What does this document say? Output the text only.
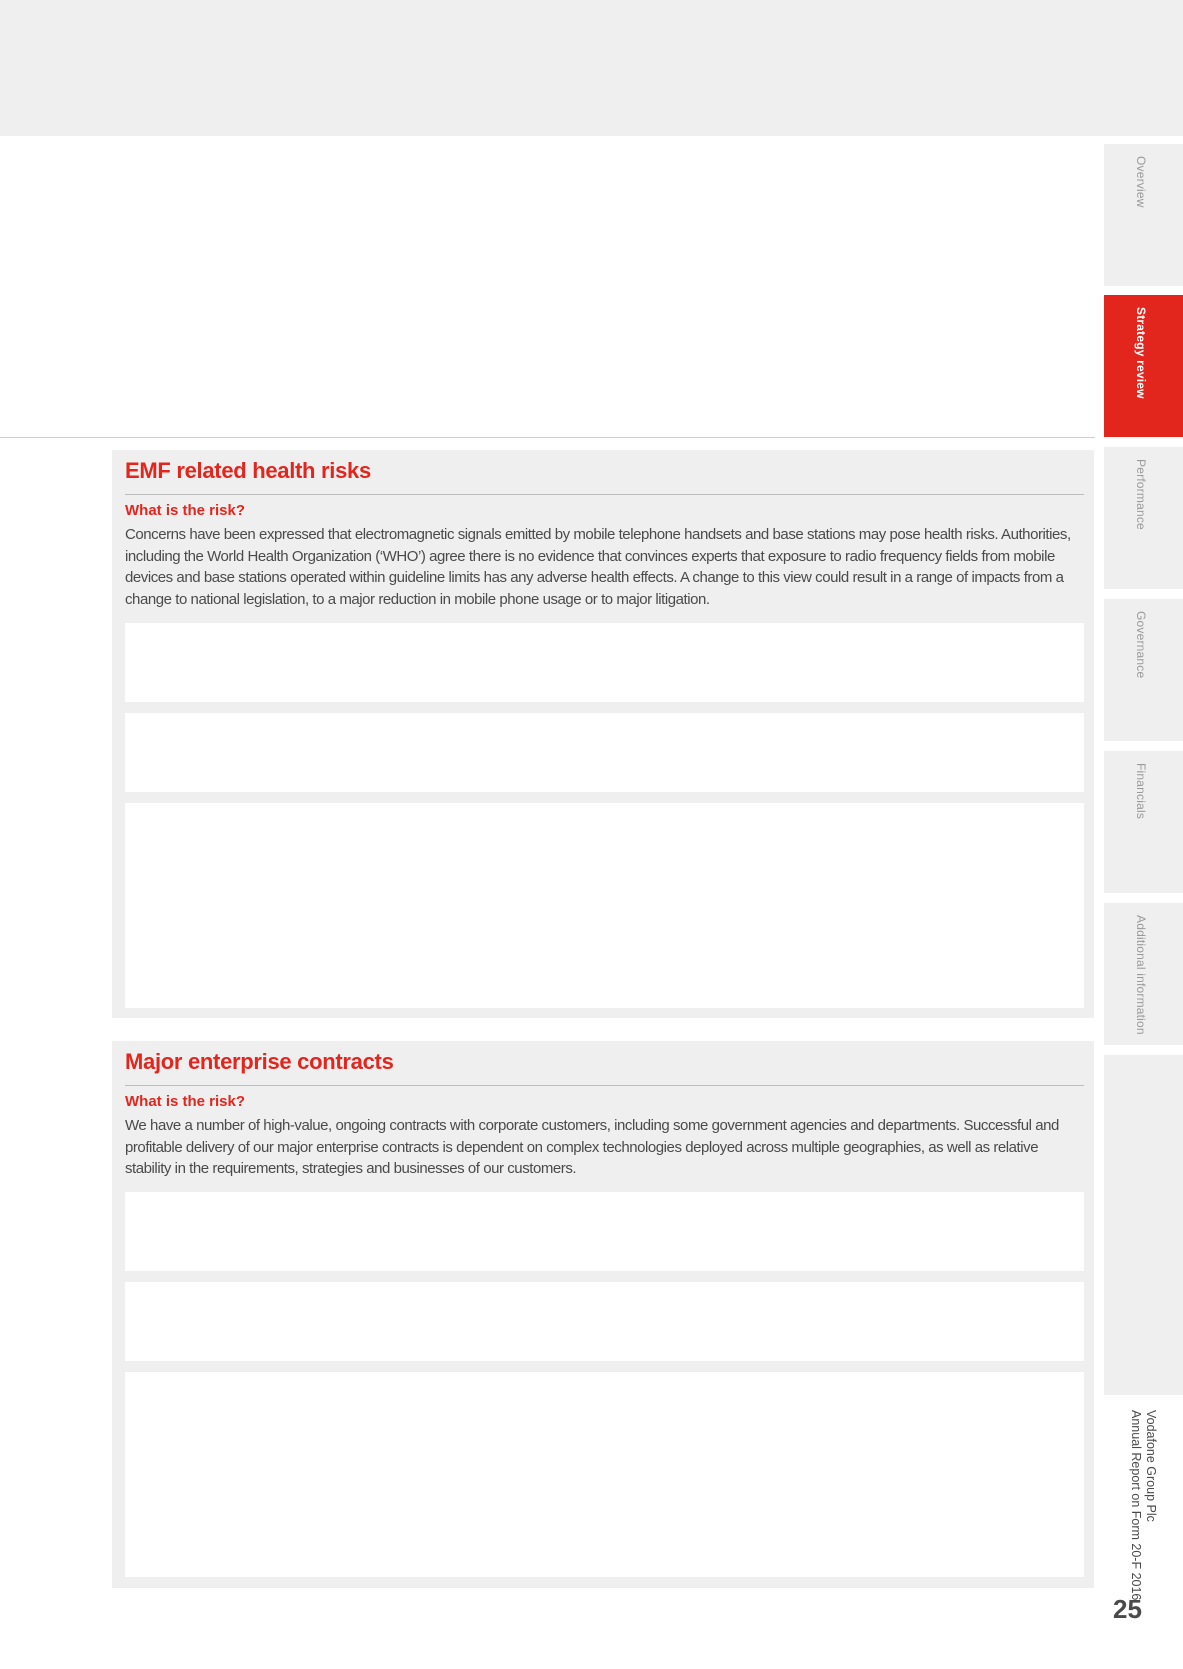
Overview
Strategy review
Performance
Governance
Financials
Additional information
EMF related health risks
What is the risk?
Concerns have been expressed that electromagnetic signals emitted by mobile telephone handsets and base stations may pose health risks. Authorities, including the World Health Organization (‘WHO’) agree there is no evidence that convinces experts that exposure to radio frequency fields from mobile devices and base stations operated within guideline limits has any adverse health effects. A change to this view could result in a range of impacts from a change to national legislation, to a major reduction in mobile phone usage or to major litigation.
Major enterprise contracts
What is the risk?
We have a number of high-value, ongoing contracts with corporate customers, including some government agencies and departments. Successful and profitable delivery of our major enterprise contracts is dependent on complex technologies deployed across multiple geographies, as well as relative stability in the requirements, strategies and businesses of our customers.
Vodafone Group Plc
Annual Report on Form 20-F 2016
25
